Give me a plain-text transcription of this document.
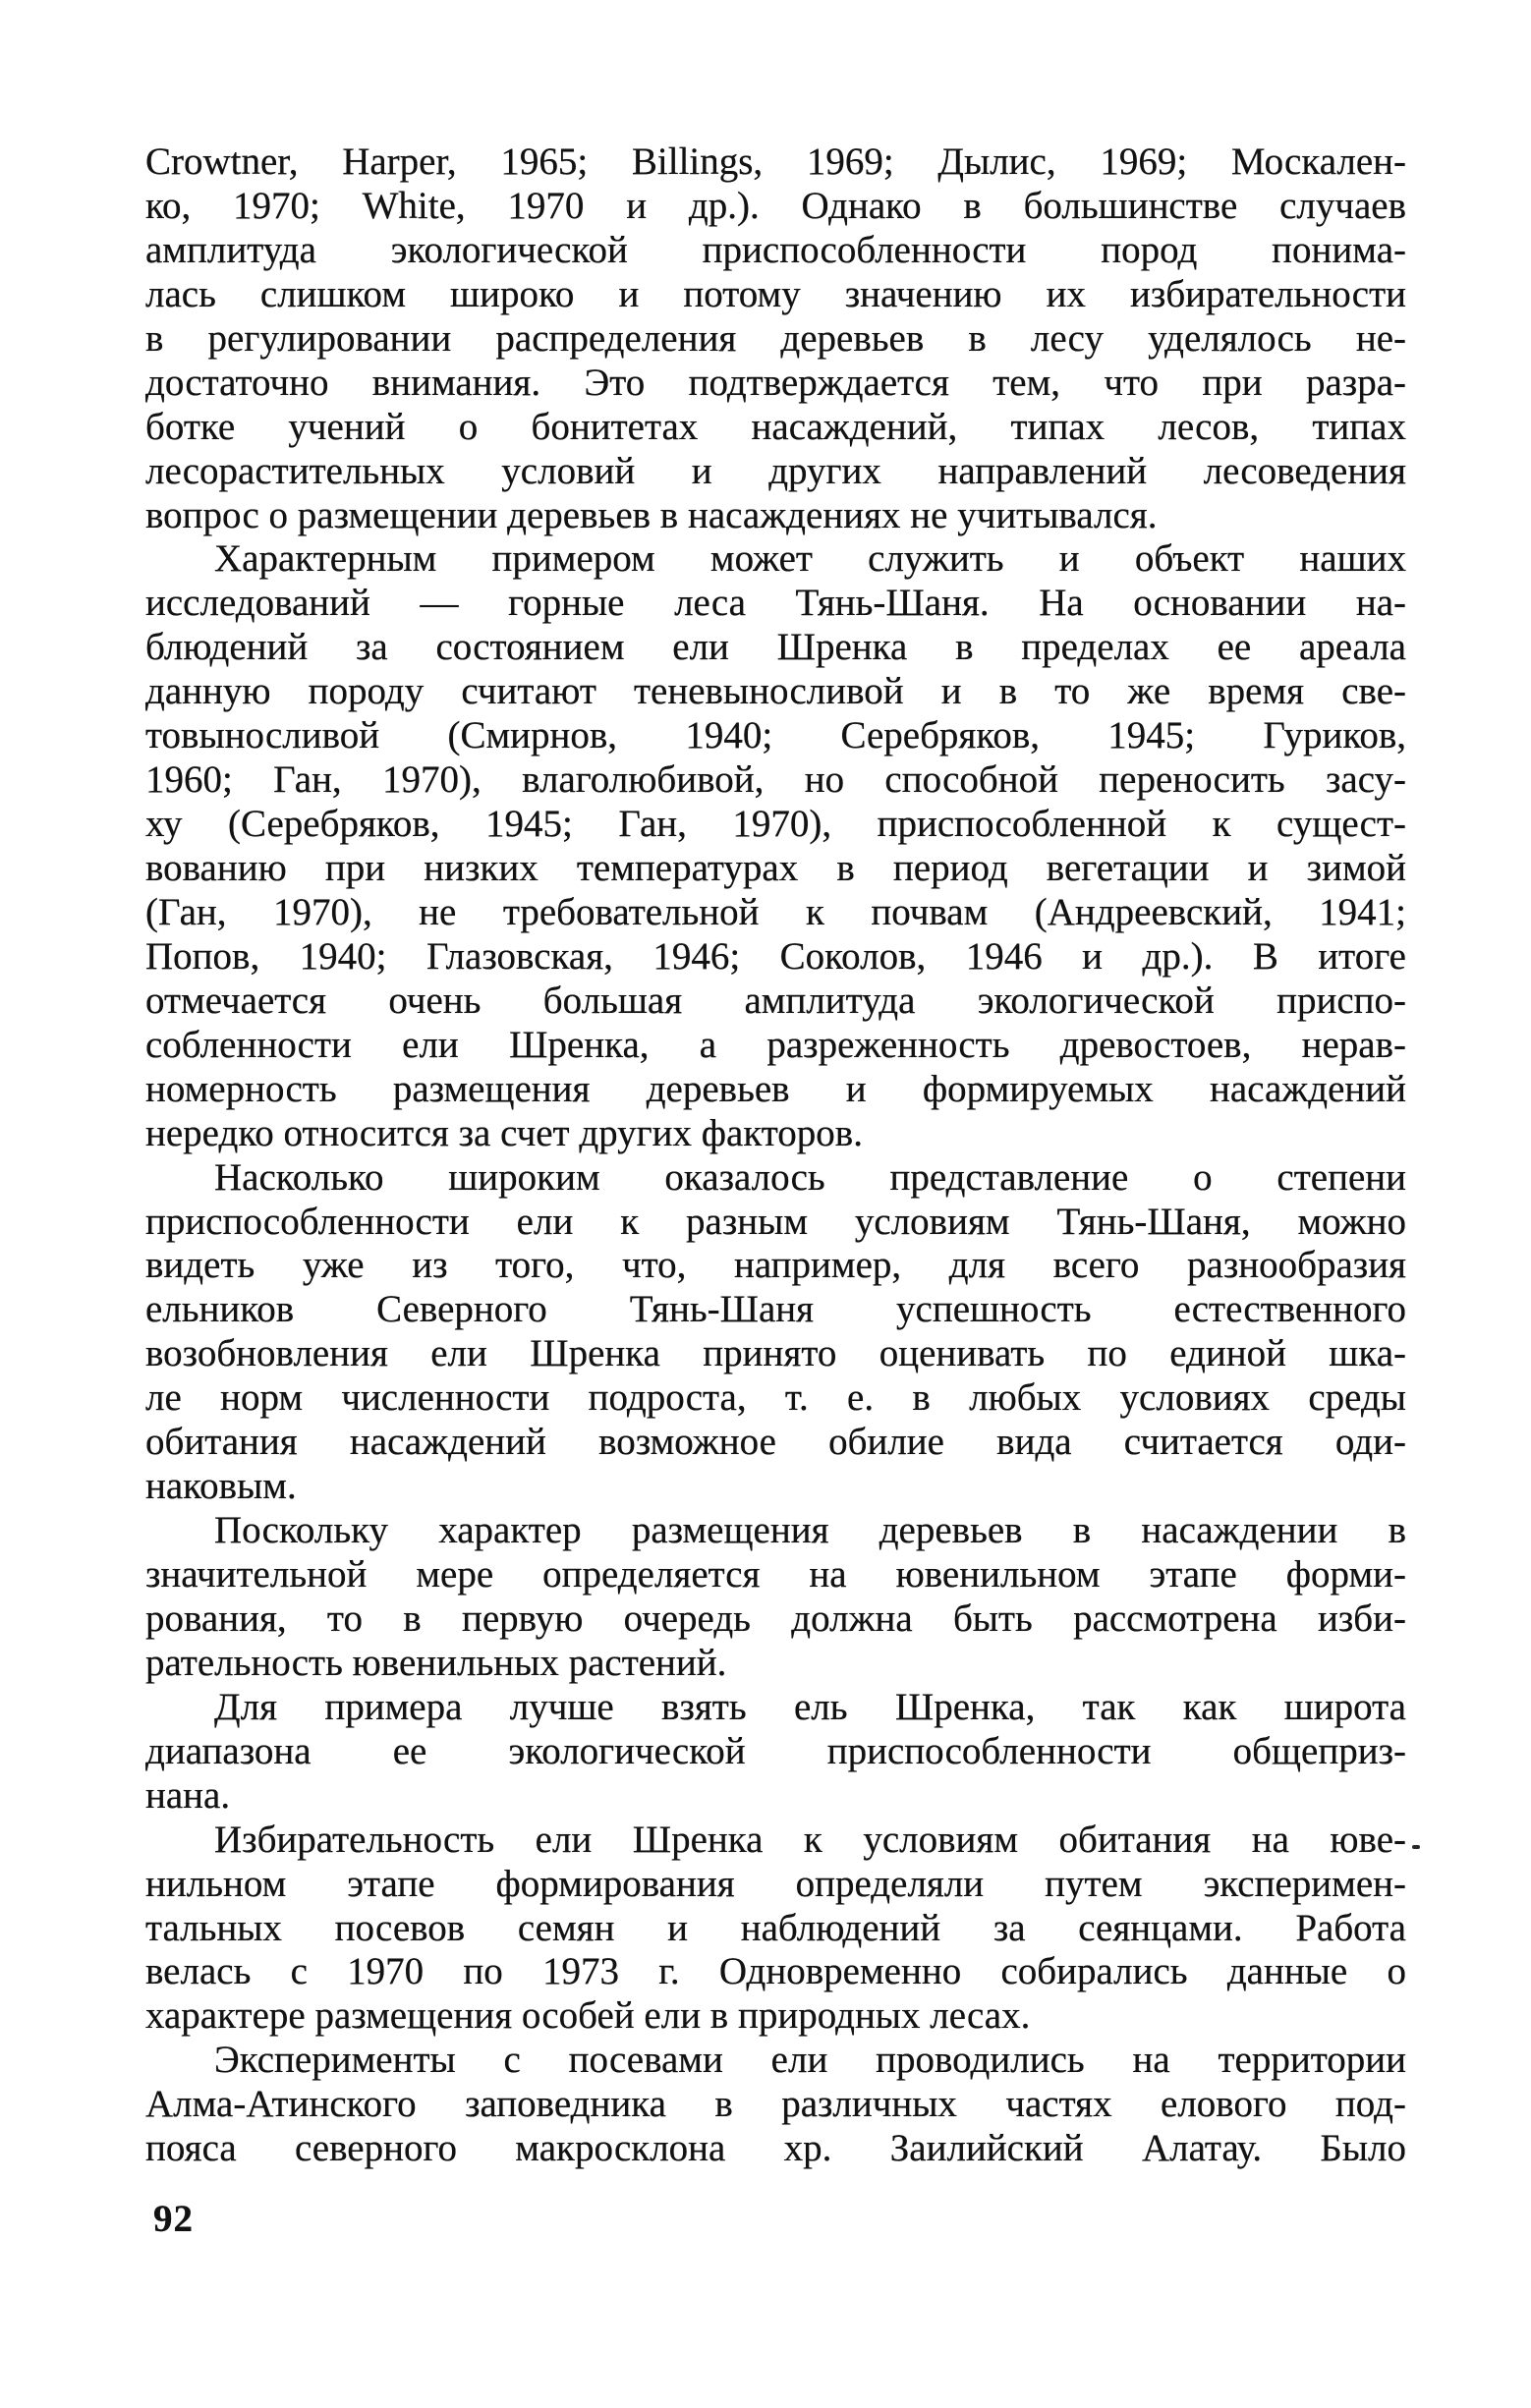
Crowtner, Harper, 1965; Billings, 1969; Дылис, 1969; Москален-
ко, 1970; White, 1970 и др.). Однако в большинстве случаев
амплитуда экологической приспособленности пород понима-
лась слишком широко и потому значению их избирательности
в регулировании распределения деревьев в лесу уделялось не-
достаточно внимания. Это подтверждается тем, что при разра-
ботке учений о бонитетах насаждений, типах лесов, типах
лесорастительных условий и других направлений лесоведения
вопрос о размещении деревьев в насаждениях не учитывался.
Характерным примером может служить и объект наших
исследований — горные леса Тянь-Шаня. На основании на-
блюдений за состоянием ели Шренка в пределах ее ареала
данную породу считают теневыносливой и в то же время све-
товыносливой (Смирнов, 1940; Серебряков, 1945; Гуриков,
1960; Ган, 1970), влаголюбивой, но способной переносить засу-
ху (Серебряков, 1945; Ган, 1970), приспособленной к сущест-
вованию при низких температурах в период вегетации и зимой
(Ган, 1970), не требовательной к почвам (Андреевский, 1941;
Попов, 1940; Глазовская, 1946; Соколов, 1946 и др.). В итоге
отмечается очень большая амплитуда экологической приспо-
собленности ели Шренка, а разреженность древостоев, нерав-
номерность размещения деревьев и формируемых насаждений
нередко относится за счет других факторов.
Насколько широким оказалось представление о степени
приспособленности ели к разным условиям Тянь-Шаня, можно
видеть уже из того, что, например, для всего разнообразия
ельников Северного Тянь-Шаня успешность естественного
возобновления ели Шренка принято оценивать по единой шка-
ле норм численности подроста, т. е. в любых условиях среды
обитания насаждений возможное обилие вида считается оди-
наковым.
Поскольку характер размещения деревьев в насаждении в
значительной мере определяется на ювенильном этапе форми-
рования, то в первую очередь должна быть рассмотрена изби-
рательность ювенильных растений.
Для примера лучше взять ель Шренка, так как широта
диапазона ее экологической приспособленности общеприз-
нана.
Избирательность ели Шренка к условиям обитания на юве-
нильном этапе формирования определяли путем эксперимен-
тальных посевов семян и наблюдений за сеянцами. Работа
велась с 1970 по 1973 г. Одновременно собирались данные о
характере размещения особей ели в природных лесах.
Эксперименты с посевами ели проводились на территории
Алма-Атинского заповедника в различных частях елового под-
пояса северного макросклона хр. Заилийский Алатау. Было
92
